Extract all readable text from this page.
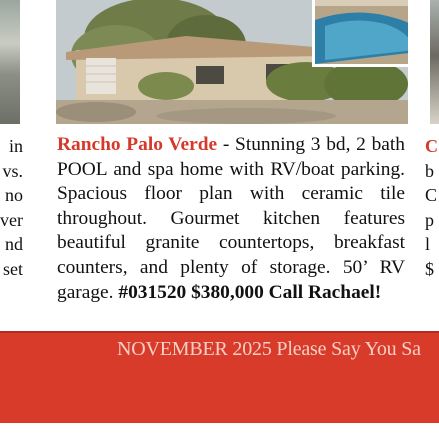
in
vs.
no
ver
nd
set
C
b
C
p
l
$

Rancho Palo Verde - Stunning 3 bd, 2 bath POOL and spa home with RV/boat parking. Spacious floor plan with ceramic tile throughout. Gourmet kitchen features beautiful granite countertops, breakfast counters, and plenty of storage. 50’ RV garage. #031520 $380,000 Call Rachael!

NOVEMBER 2025 Please Say You Sa
